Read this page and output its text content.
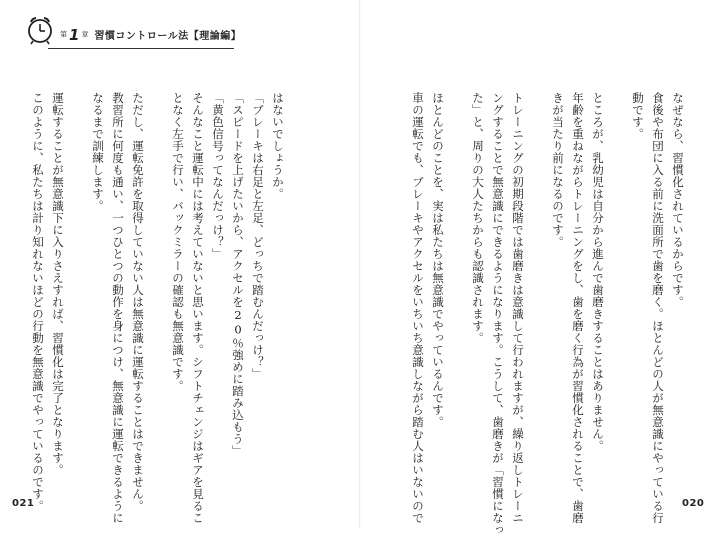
第 1 章 習慣コントロール法【理論編】
なぜなら、習慣化されているからです。
食後や布団に入る前に洗面所で歯を磨く。ほとんどの人が無意識にやっている行
動です。

ところが、乳幼児は自分から進んで歯磨きすることはありません。
年齢を重ねながらトレーニングをし、歯を磨く行為が習慣化されることで、歯磨
きが当たり前になるのです。

トレーニングの初期段階では歯磨きは意識して行われますが、繰り返しトレーニ
ングすることで無意識にできるようになります。こうして、歯磨きが「習慣になっ
た」と、周りの大人たちからも認識されます。

ほとんどのことを、実は私たちは無意識でやっているんです。
車の運転でも、ブレーキやアクセルをいちいち意識しながら踏む人はいないので
はないでしょうか。
「ブレーキは右足と左足、どっちで踏むんだっけ？」
「スピードを上げたいから、アクセルを20％強めに踏み込もう」
「黄色信号ってなんだっけ？」
そんなこと運転中には考えていないと思います。シフトチェンジはギアを見るこ
となく左手で行い、バックミラーの確認も無意識です。

ただし、運転免許を取得していない人は無意識に運転することはできません。
教習所に何度も通い、一つひとつの動作を身につけ、無意識に運転できるように
なるまで訓練します。

運転することが無意識下に入りさえすれば、習慣化は完了となります。
このように、私たちは計り知れないほどの行動を無意識でやっているのです。
021	020
